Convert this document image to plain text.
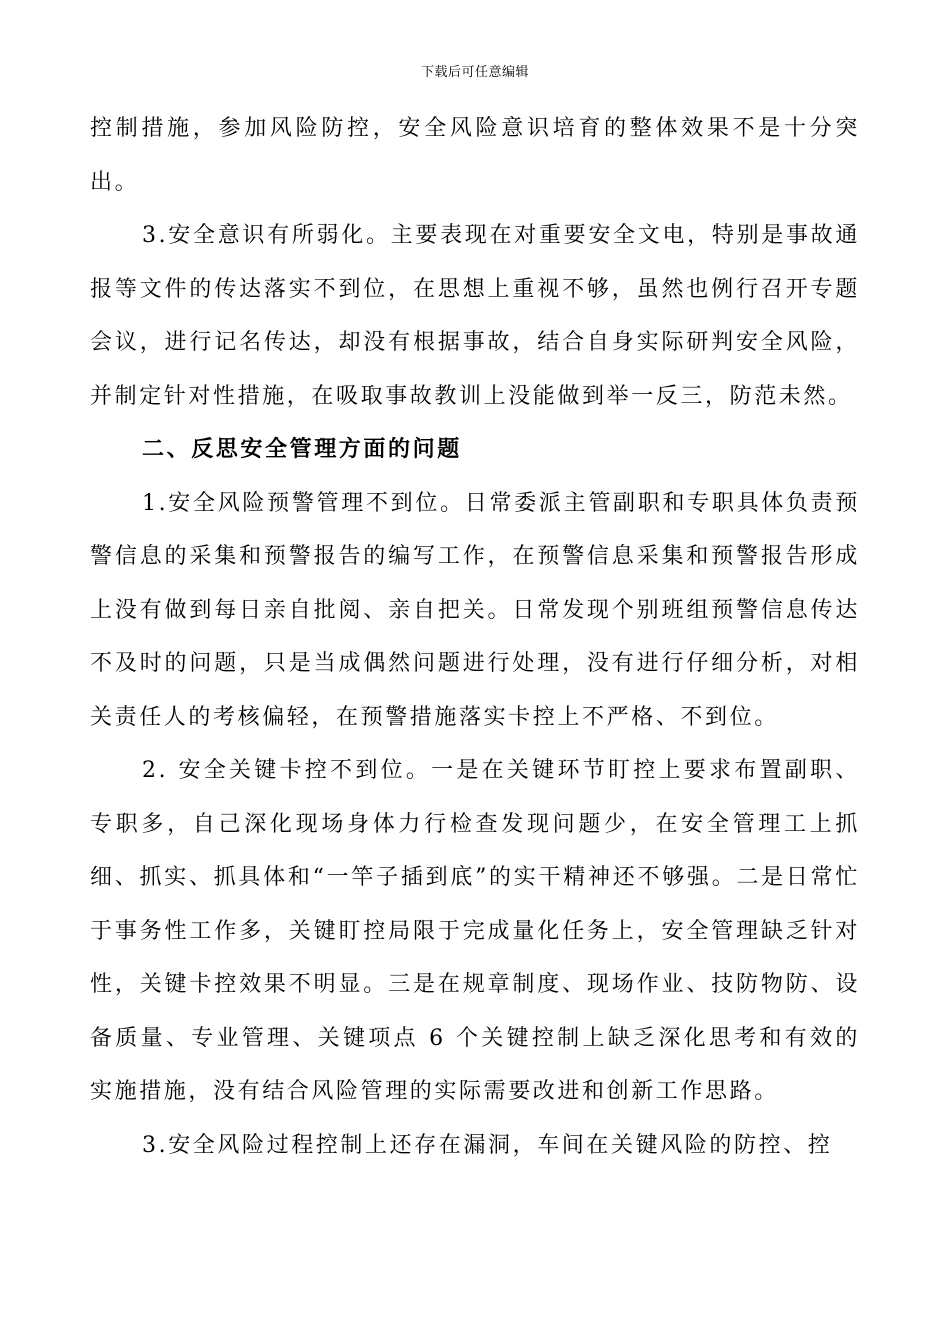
下载后可任意编辑

控制措施，参加风险防控，安全风险意识培育的整体效果不是十分突出。

3.安全意识有所弱化。主要表现在对重要安全文电，特别是事故通报等文件的传达落实不到位，在思想上重视不够，虽然也例行召开专题会议，进行记名传达，却没有根据事故，结合自身实际研判安全风险，并制定针对性措施，在吸取事故教训上没能做到举一反三，防范未然。

二、反思安全管理方面的问题

1.安全风险预警管理不到位。日常委派主管副职和专职具体负责预警信息的采集和预警报告的编写工作，在预警信息采集和预警报告形成上没有做到每日亲自批阅、亲自把关。日常发现个别班组预警信息传达不及时的问题，只是当成偶然问题进行处理，没有进行仔细分析，对相关责任人的考核偏轻，在预警措施落实卡控上不严格、不到位。

2. 安全关键卡控不到位。一是在关键环节盯控上要求布置副职、专职多，自己深化现场身体力行检查发现问题少，在安全管理工上抓细、抓实、抓具体和“一竿子插到底”的实干精神还不够强。二是日常忙于事务性工作多，关键盯控局限于完成量化任务上，安全管理缺乏针对性，关键卡控效果不明显。三是在规章制度、现场作业、技防物防、设备质量、专业管理、关键项点 6 个关键控制上缺乏深化思考和有效的实施措施，没有结合风险管理的实际需要改进和创新工作思路。

3.安全风险过程控制上还存在漏洞，车间在关键风险的防控、控
